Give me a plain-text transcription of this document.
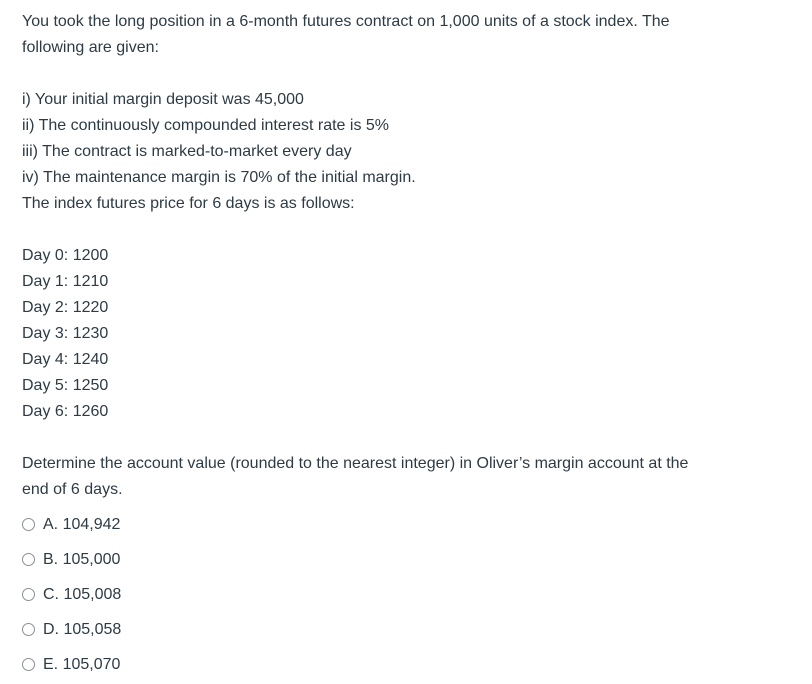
You took the long position in a 6-month futures contract on 1,000 units of a stock index. The

following are given:

i) Your initial margin deposit was 45,000

ii) The continuously compounded interest rate is 5%

iii) The contract is marked-to-market every day

iv) The maintenance margin is 70% of the initial margin.

The index futures price for 6 days is as follows:

Day 0: 1200

Day 1: 1210

Day 2: 1220

Day 3: 1230

Day 4: 1240

Day 5: 1250

Day 6: 1260

Determine the account value (rounded to the nearest integer) in Oliver’s margin account at the

end of 6 days.

A. 104,942
B. 105,000
C. 105,008
D. 105,058
E. 105,070
